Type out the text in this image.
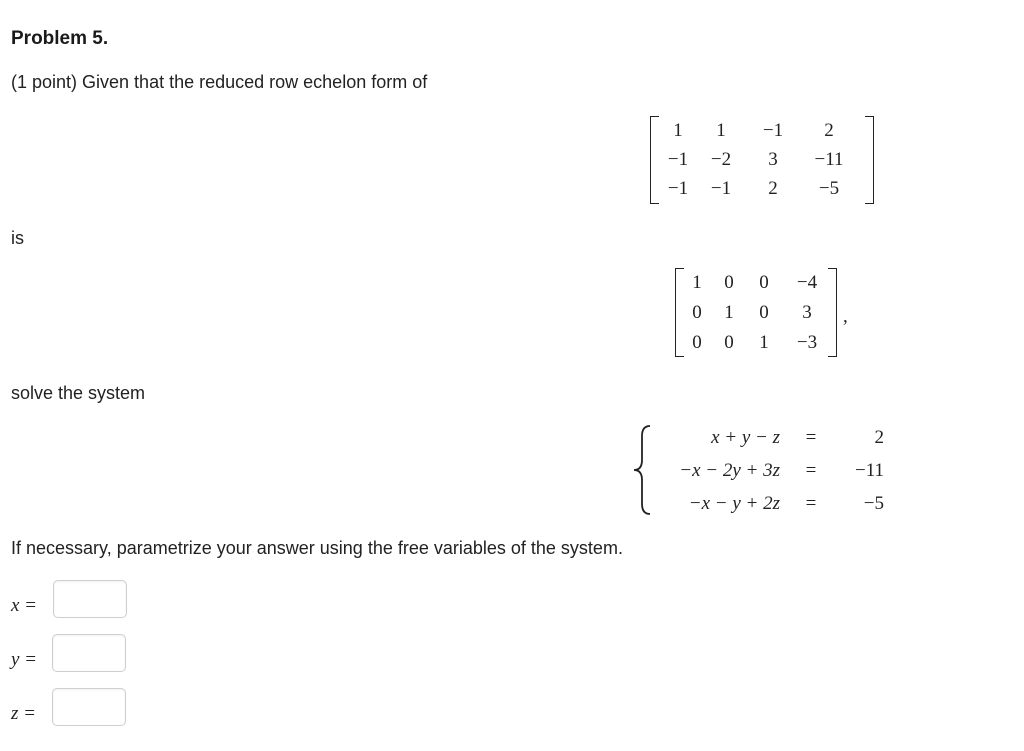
Problem 5.
(1 point) Given that the reduced row echelon form of
1	1	−1	2
−1	−2	3	−11
−1	−1	2	−5
is
1	0	0	−4
0	1	0	3
0	0	1	−3
,
solve the system
x + y − z	=	2
−x − 2y + 3z	=	−11
−x − y + 2z	=	−5
If necessary, parametrize your answer using the free variables of the system.
x =
y =
z =
